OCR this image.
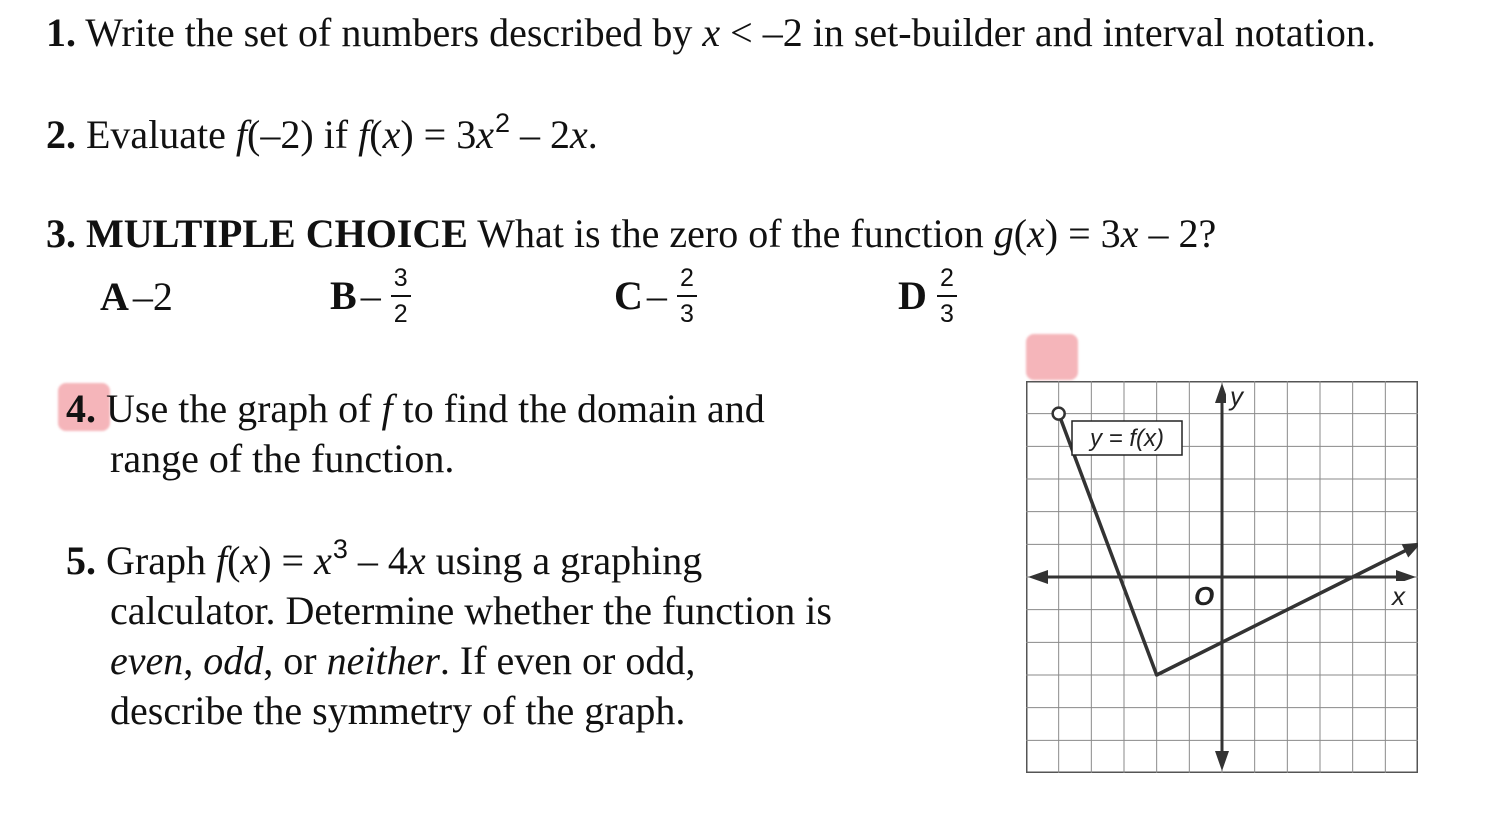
1. Write the set of numbers described by x < –2 in set-builder and interval notation.
2. Evaluate f(–2) if $f(x) = 3x^2 - 2x$.
3. MULTIPLE CHOICE What is the zero of the function g(x) = 3x – 2?
A –2	B – $\frac{3}{2}$	C – $\frac{2}{3}$	D $\frac{2}{3}$
4. Use the graph of f to find the domain and
range of the function.
5. Graph $f(x) = x^3 - 4x$ using a graphing
calculator. Determine whether the function is
even, odd, or neither. If even or odd,
describe the symmetry of the graph.
y = f(x)
y
x
O
